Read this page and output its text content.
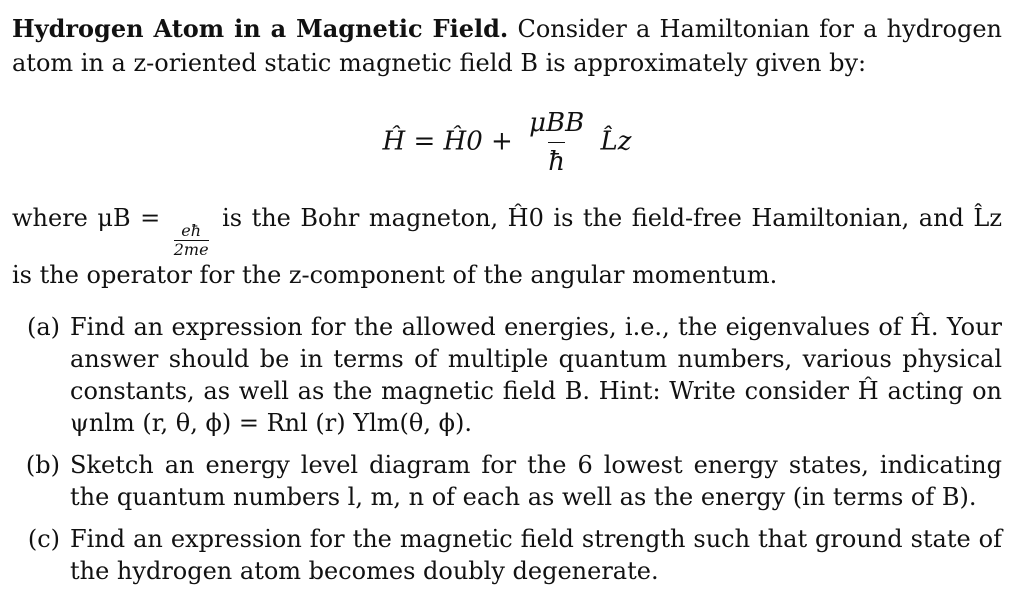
Hydrogen Atom in a Magnetic Field. Consider a Hamiltonian for a hydrogen atom in a z-oriented static magnetic field B is approximately given by:

Ĥ = Ĥ0 + $\frac{\text{μBB}}{ħ}$ L̂z

where μB =
$\frac{eħ}{2me}$
is the Bohr magneton, Ĥ0 is the field-free Hamiltonian, and L̂z is the operator for the z-component of the angular momentum.

(a) Find an expression for the allowed energies, i.e., the eigenvalues of Ĥ. Your answer should be in terms of multiple quantum numbers, various physical constants, as well as the magnetic field B. Hint: Write consider Ĥ acting on ψnlm (r, θ, ϕ) = Rnl (r) Ylm(θ, ϕ).
(b) Sketch an energy level diagram for the 6 lowest energy states, indicating the quantum numbers l, m, n of each as well as the energy (in terms of B).
(c) Find an expression for the magnetic field strength such that ground state of the hydrogen atom becomes doubly degenerate.
